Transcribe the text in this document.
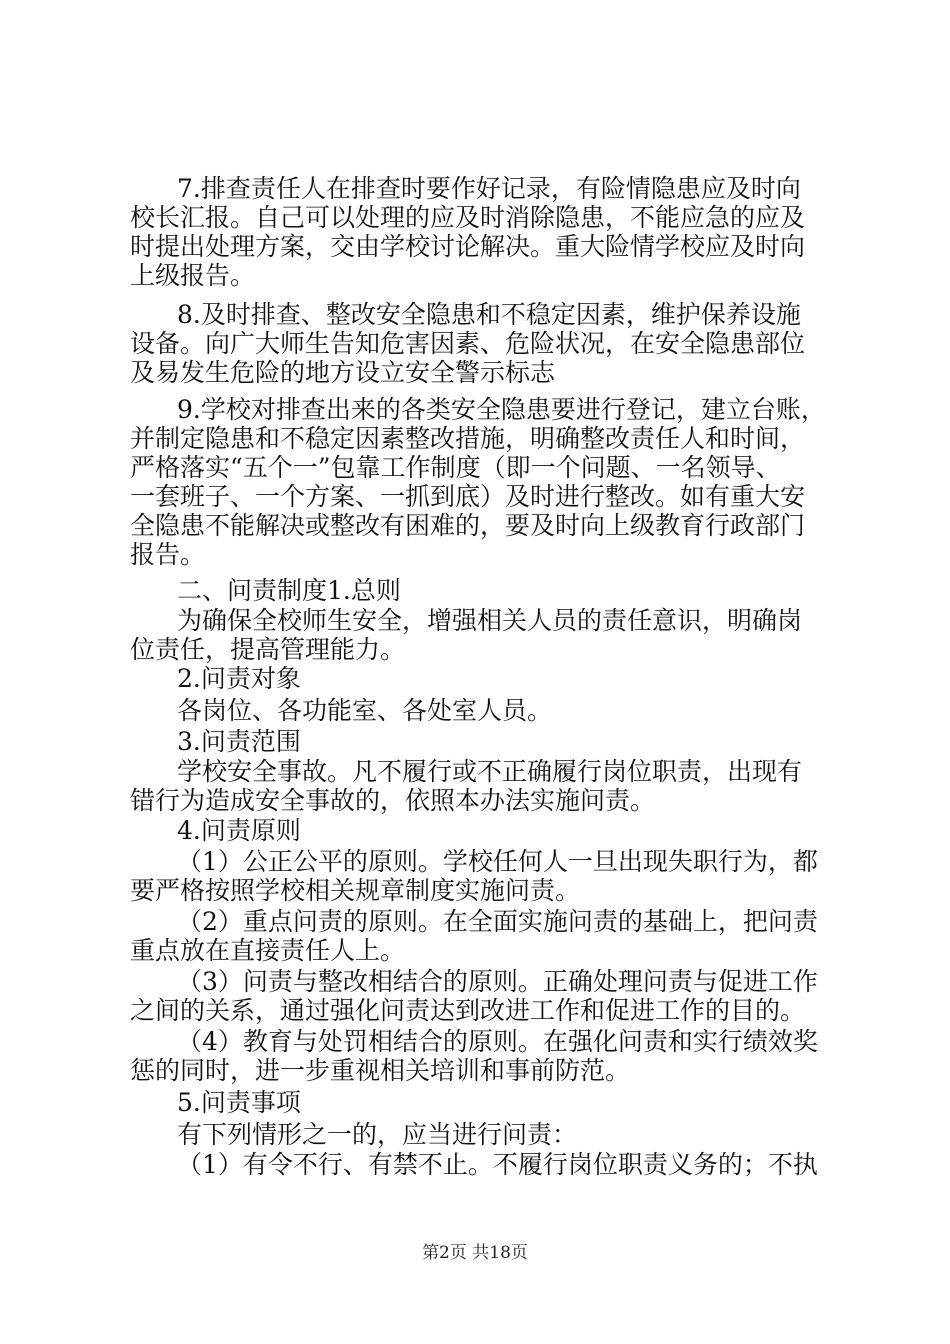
7.排查责任人在排查时要作好记录，有险情隐患应及时向
校长汇报。自己可以处理的应及时消除隐患，不能应急的应及
时提出处理方案，交由学校讨论解决。重大险情学校应及时向
上级报告。
8.及时排查、整改安全隐患和不稳定因素，维护保养设施
设备。向广大师生告知危害因素、危险状况，在安全隐患部位
及易发生危险的地方设立安全警示标志
9.学校对排查出来的各类安全隐患要进行登记，建立台账，
并制定隐患和不稳定因素整改措施，明确整改责任人和时间，
严格落实“五个一”包靠工作制度（即一个问题、一名领导、
一套班子、一个方案、一抓到底）及时进行整改。如有重大安
全隐患不能解决或整改有困难的，要及时向上级教育行政部门
报告。
二、问责制度1.总则
为确保全校师生安全，增强相关人员的责任意识，明确岗
位责任，提高管理能力。
2.问责对象
各岗位、各功能室、各处室人员。
3.问责范围
学校安全事故。凡不履行或不正确履行岗位职责，出现有
错行为造成安全事故的，依照本办法实施问责。
4.问责原则
（1）公正公平的原则。学校任何人一旦出现失职行为，都
要严格按照学校相关规章制度实施问责。
（2）重点问责的原则。在全面实施问责的基础上，把问责
重点放在直接责任人上。
（3）问责与整改相结合的原则。正确处理问责与促进工作
之间的关系，通过强化问责达到改进工作和促进工作的目的。
（4）教育与处罚相结合的原则。在强化问责和实行绩效奖
惩的同时，进一步重视相关培训和事前防范。
5.问责事项
有下列情形之一的，应当进行问责：
（1）有令不行、有禁不止。不履行岗位职责义务的；不执
第2页 共18页
